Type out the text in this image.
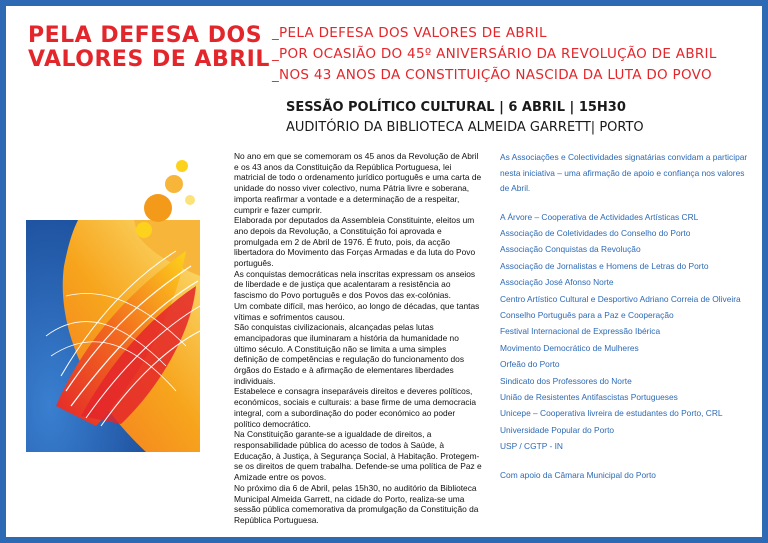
PELA DEFESA DOS
VALORES DE ABRIL
_PELA DEFESA DOS VALORES DE ABRIL
_POR OCASIÃO DO 45º ANIVERSÁRIO DA REVOLUÇÃO DE ABRIL
_NOS 43 ANOS DA CONSTITUIÇÃO NASCIDA DA LUTA DO POVO
SESSÃO POLÍTICO CULTURAL | 6 ABRIL | 15H30
AUDITÓRIO DA BIBLIOTECA ALMEIDA GARRETT| PORTO

No ano em que se comemoram os 45 anos da Revolução de Abril e os 43 anos da Constituição da República Portuguesa, lei matricial de todo o ordenamento jurídico português e uma carta de unidade do nosso viver colectivo, numa Pátria livre e soberana, importa reafirmar a vontade e a determinação de a respeitar, cumprir e fazer cumprir.

Elaborada por deputados da Assembleia Constituinte, eleitos um ano depois da Revolução, a Constituição foi aprovada e promulgada em 2 de Abril de 1976. É fruto, pois, da acção libertadora do Movimento das Forças Armadas e da luta do Povo português.

As conquistas democráticas nela inscritas expressam os anseios de liberdade e de justiça que acalentaram a resistência ao fascismo do Povo português e dos Povos das ex-colónias.

Um combate difícil, mas heróico, ao longo de décadas, que tantas vítimas e sofrimentos causou.

São conquistas civilizacionais, alcançadas pelas lutas emancipadoras que iluminaram a história da humanidade no último século. A Constituição não se limita a uma simples definição de competências e regulação do funcionamento dos órgãos do Estado e à afirmação de elementares liberdades individuais.

Estabelece e consagra inseparáveis direitos e deveres políticos, económicos, sociais e culturais: a base firme de uma democracia integral, com a subordinação do poder económico ao poder político democrático.

Na Constituição garante-se a igualdade de direitos, a responsabilidade pública do acesso de todos à Saúde, à Educação, à Justiça, à Segurança Social, à Habitação. Protegem-se os direitos de quem trabalha. Defende-se uma política de Paz e Amizade entre os povos.

No próximo dia 6 de Abril, pelas 15h30, no auditório da Biblioteca Municipal Almeida Garrett, na cidade do Porto, realiza-se uma sessão pública comemorativa da promulgação da Constituição da República Portuguesa.

As Associações e Colectividades signatárias convidam a participar nesta iniciativa – uma afirmação de apoio e confiança nos valores de Abril.

A Árvore – Cooperativa de Actividades Artísticas CRL
Associação de Coletividades do Conselho do Porto
Associação Conquistas da Revolução
Associação de Jornalistas e Homens de Letras do Porto
Associação José Afonso Norte
Centro Artístico Cultural e Desportivo Adriano Correia de Oliveira
Conselho Português para a Paz e Cooperação
Festival Internacional de Expressão Ibérica
Movimento Democrático de Mulheres
Orfeão do Porto
Sindicato dos Professores do Norte
União de Resistentes Antifascistas Portugueses
Unicepe – Cooperativa livreira de estudantes do Porto, CRL
Universidade Popular do Porto
USP / CGTP - IN

Com apoio da Câmara Municipal do Porto
